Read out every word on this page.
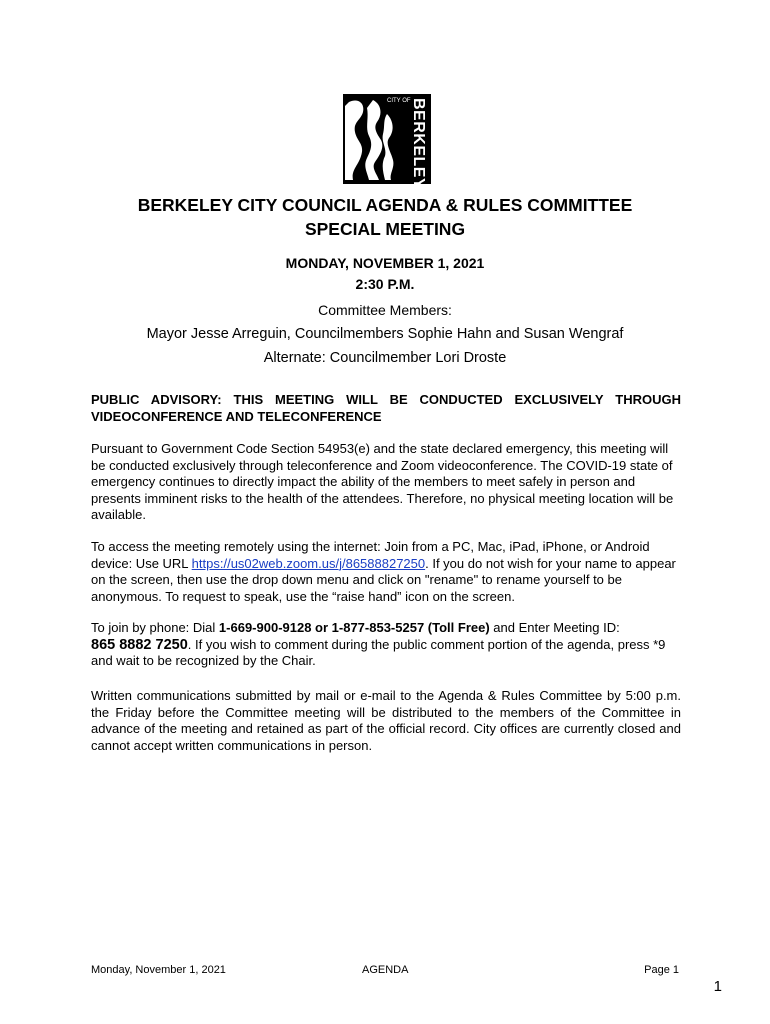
CITY OF BERKELEY
BERKELEY CITY COUNCIL AGENDA & RULES COMMITTEE
SPECIAL MEETING
MONDAY, NOVEMBER 1, 2021
2:30 P.M.
Committee Members:
Mayor Jesse Arreguin, Councilmembers Sophie Hahn and Susan Wengraf
Alternate: Councilmember Lori Droste

PUBLIC ADVISORY: THIS MEETING WILL BE CONDUCTED EXCLUSIVELY THROUGH VIDEOCONFERENCE AND TELECONFERENCE

Pursuant to Government Code Section 54953(e) and the state declared emergency, this meeting will be conducted exclusively through teleconference and Zoom videoconference. The COVID-19 state of emergency continues to directly impact the ability of the members to meet safely in person and presents imminent risks to the health of the attendees. Therefore, no physical meeting location will be available.

To access the meeting remotely using the internet: Join from a PC, Mac, iPad, iPhone, or Android device: Use URL https://us02web.zoom.us/j/86588827250. If you do not wish for your name to appear on the screen, then use the drop down menu and click on "rename" to rename yourself to be anonymous. To request to speak, use the “raise hand” icon on the screen.

To join by phone: Dial 1-669-900-9128 or 1-877-853-5257 (Toll Free) and Enter Meeting ID:
865 8882 7250. If you wish to comment during the public comment portion of the agenda, press *9 and wait to be recognized by the Chair.

Written communications submitted by mail or e-mail to the Agenda & Rules Committee by 5:00 p.m. the Friday before the Committee meeting will be distributed to the members of the Committee in advance of the meeting and retained as part of the official record. City offices are currently closed and cannot accept written communications in person.

Monday, November 1, 2021	AGENDA	Page 1
1
